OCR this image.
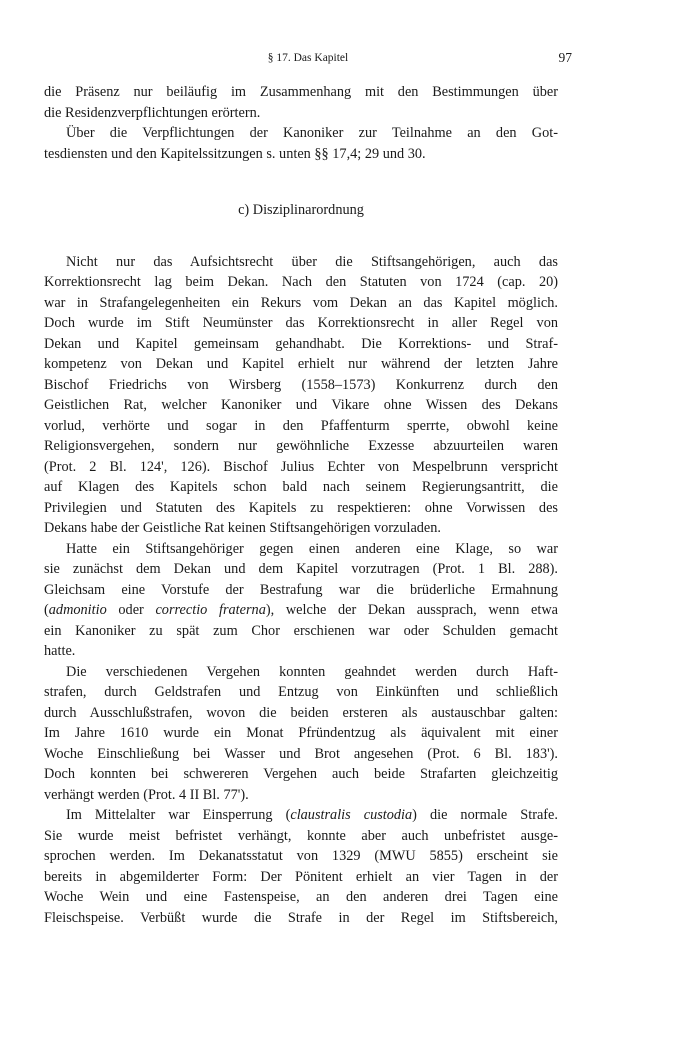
§ 17. Das Kapitel	97

die Präsenz nur beiläufig im Zusammenhang mit den Bestimmungen über

die Residenzverpflichtungen erörtern.

Über die Verpflichtungen der Kanoniker zur Teilnahme an den Got-

tesdiensten und den Kapitelssitzungen s. unten §§ 17,4; 29 und 30.

c) Disziplinarordnung

Nicht nur das Aufsichtsrecht über die Stiftsangehörigen, auch das

Korrektionsrecht lag beim Dekan. Nach den Statuten von 1724 (cap. 20)

war in Strafangelegenheiten ein Rekurs vom Dekan an das Kapitel möglich.

Doch wurde im Stift Neumünster das Korrektionsrecht in aller Regel von

Dekan und Kapitel gemeinsam gehandhabt. Die Korrektions- und Straf-

kompetenz von Dekan und Kapitel erhielt nur während der letzten Jahre

Bischof Friedrichs von Wirsberg (1558–1573) Konkurrenz durch den

Geistlichen Rat, welcher Kanoniker und Vikare ohne Wissen des Dekans

vorlud, verhörte und sogar in den Pfaffenturm sperrte, obwohl keine

Religionsvergehen, sondern nur gewöhnliche Exzesse abzuurteilen waren

(Prot. 2 Bl. 124', 126). Bischof Julius Echter von Mespelbrunn verspricht

auf Klagen des Kapitels schon bald nach seinem Regierungsantritt, die

Privilegien und Statuten des Kapitels zu respektieren: ohne Vorwissen des

Dekans habe der Geistliche Rat keinen Stiftsangehörigen vorzuladen.

Hatte ein Stiftsangehöriger gegen einen anderen eine Klage, so war

sie zunächst dem Dekan und dem Kapitel vorzutragen (Prot. 1 Bl. 288).

Gleichsam eine Vorstufe der Bestrafung war die brüderliche Ermahnung

(admonitio oder correctio fraterna), welche der Dekan aussprach, wenn etwa

ein Kanoniker zu spät zum Chor erschienen war oder Schulden gemacht

hatte.

Die verschiedenen Vergehen konnten geahndet werden durch Haft-

strafen, durch Geldstrafen und Entzug von Einkünften und schließlich

durch Ausschlußstrafen, wovon die beiden ersteren als austauschbar galten:

Im Jahre 1610 wurde ein Monat Pfründentzug als äquivalent mit einer

Woche Einschließung bei Wasser und Brot angesehen (Prot. 6 Bl. 183').

Doch konnten bei schwereren Vergehen auch beide Strafarten gleichzeitig

verhängt werden (Prot. 4 II Bl. 77').

Im Mittelalter war Einsperrung (claustralis custodia) die normale Strafe.

Sie wurde meist befristet verhängt, konnte aber auch unbefristet ausge-

sprochen werden. Im Dekanatsstatut von 1329 (MWU 5855) erscheint sie

bereits in abgemilderter Form: Der Pönitent erhielt an vier Tagen in der

Woche Wein und eine Fastenspeise, an den anderen drei Tagen eine

Fleischspeise. Verbüßt wurde die Strafe in der Regel im Stiftsbereich,
